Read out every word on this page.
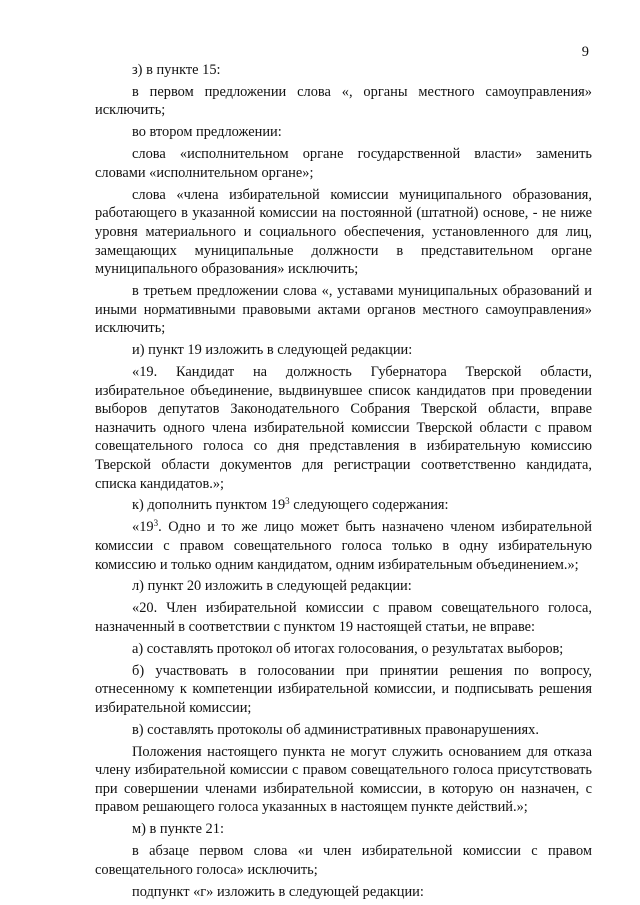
9

з) в пункте 15:

в первом предложении слова «, органы местного самоуправления» исключить;

во втором предложении:

слова «исполнительном органе государственной власти» заменить словами «исполнительном органе»;

слова «члена избирательной комиссии муниципального образования, работающего в указанной комиссии на постоянной (штатной) основе, - не ниже уровня материального и социального обеспечения, установленного для лиц, замещающих муниципальные должности в представительном органе муниципального образования» исключить;

в третьем предложении слова «, уставами муниципальных образований и иными нормативными правовыми актами органов местного самоуправления» исключить;

и) пункт 19 изложить в следующей редакции:

«19. Кандидат на должность Губернатора Тверской области, избирательное объединение, выдвинувшее список кандидатов при проведении выборов депутатов Законодательного Собрания Тверской области, вправе назначить одного члена избирательной комиссии Тверской области с правом совещательного голоса со дня представления в избирательную комиссию Тверской области документов для регистрации соответственно кандидата, списка кандидатов.»;

к) дополнить пунктом $19^3$ следующего содержания:

«$19^3$. Одно и то же лицо может быть назначено членом избирательной комиссии с правом совещательного голоса только в одну избирательную комиссию и только одним кандидатом, одним избирательным объединением.»;

л) пункт 20 изложить в следующей редакции:

«20. Член избирательной комиссии с правом совещательного голоса, назначенный в соответствии с пунктом 19 настоящей статьи, не вправе:

а) составлять протокол об итогах голосования, о результатах выборов;

б) участвовать в голосовании при принятии решения по вопросу, отнесенному к компетенции избирательной комиссии, и подписывать решения избирательной комиссии;

в) составлять протоколы об административных правонарушениях.

Положения настоящего пункта не могут служить основанием для отказа члену избирательной комиссии с правом совещательного голоса присутствовать при совершении членами избирательной комиссии, в которую он назначен, с правом решающего голоса указанных в настоящем пункте действий.»;

м) в пункте 21:

в абзаце первом слова «и член избирательной комиссии с правом совещательного голоса» исключить;

подпункт «г» изложить в следующей редакции:
